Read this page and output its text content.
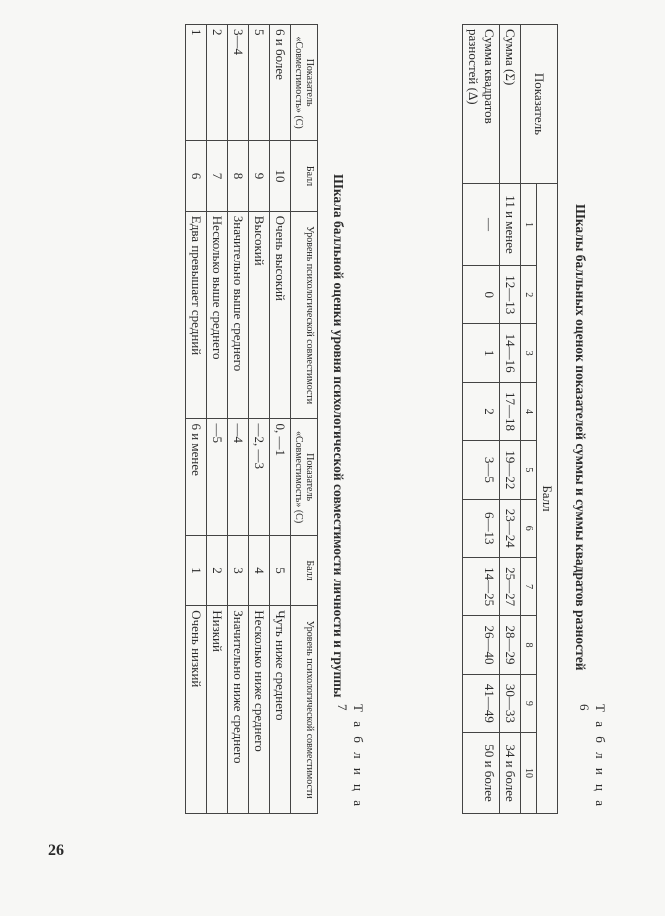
26
Т а б л и ц а 6
Шкалы балльных оценок показателей суммы и суммы квадратов разностей
Показатель	Балл									
	1	2	3	4	5	6	7	8	9	10
Сумма (Σ)	11 и менее	12—13	14—16	17—18	19—22	23—24	25—27	28—29	30—33	34 и более
Сумма квадратов разностей (Δ)	—	0	1	2	3—5	6—13	14—25	26—40	41—49	50 и более
Т а б л и ц а 7
Шкала балльной оценки уровня психологической совместимости личности и группы
Показатель «Совместимость» (С)	Балл	Уровень психологической совместимости	Показатель «Совместимость» (С)	Балл	Уровень психологической совместимости
6 и более	10	Очень высокий	0, —1	5	Чуть ниже среднего
5	9	Высокий	—2, —3	4	Несколько ниже среднего
3—4	8	Значительно выше среднего	—4	3	Значительно ниже среднего
2	7	Несколько выше среднего	—5	2	Низкий
1	6	Едва превышает средний	6 и менее	1	Очень низкий
